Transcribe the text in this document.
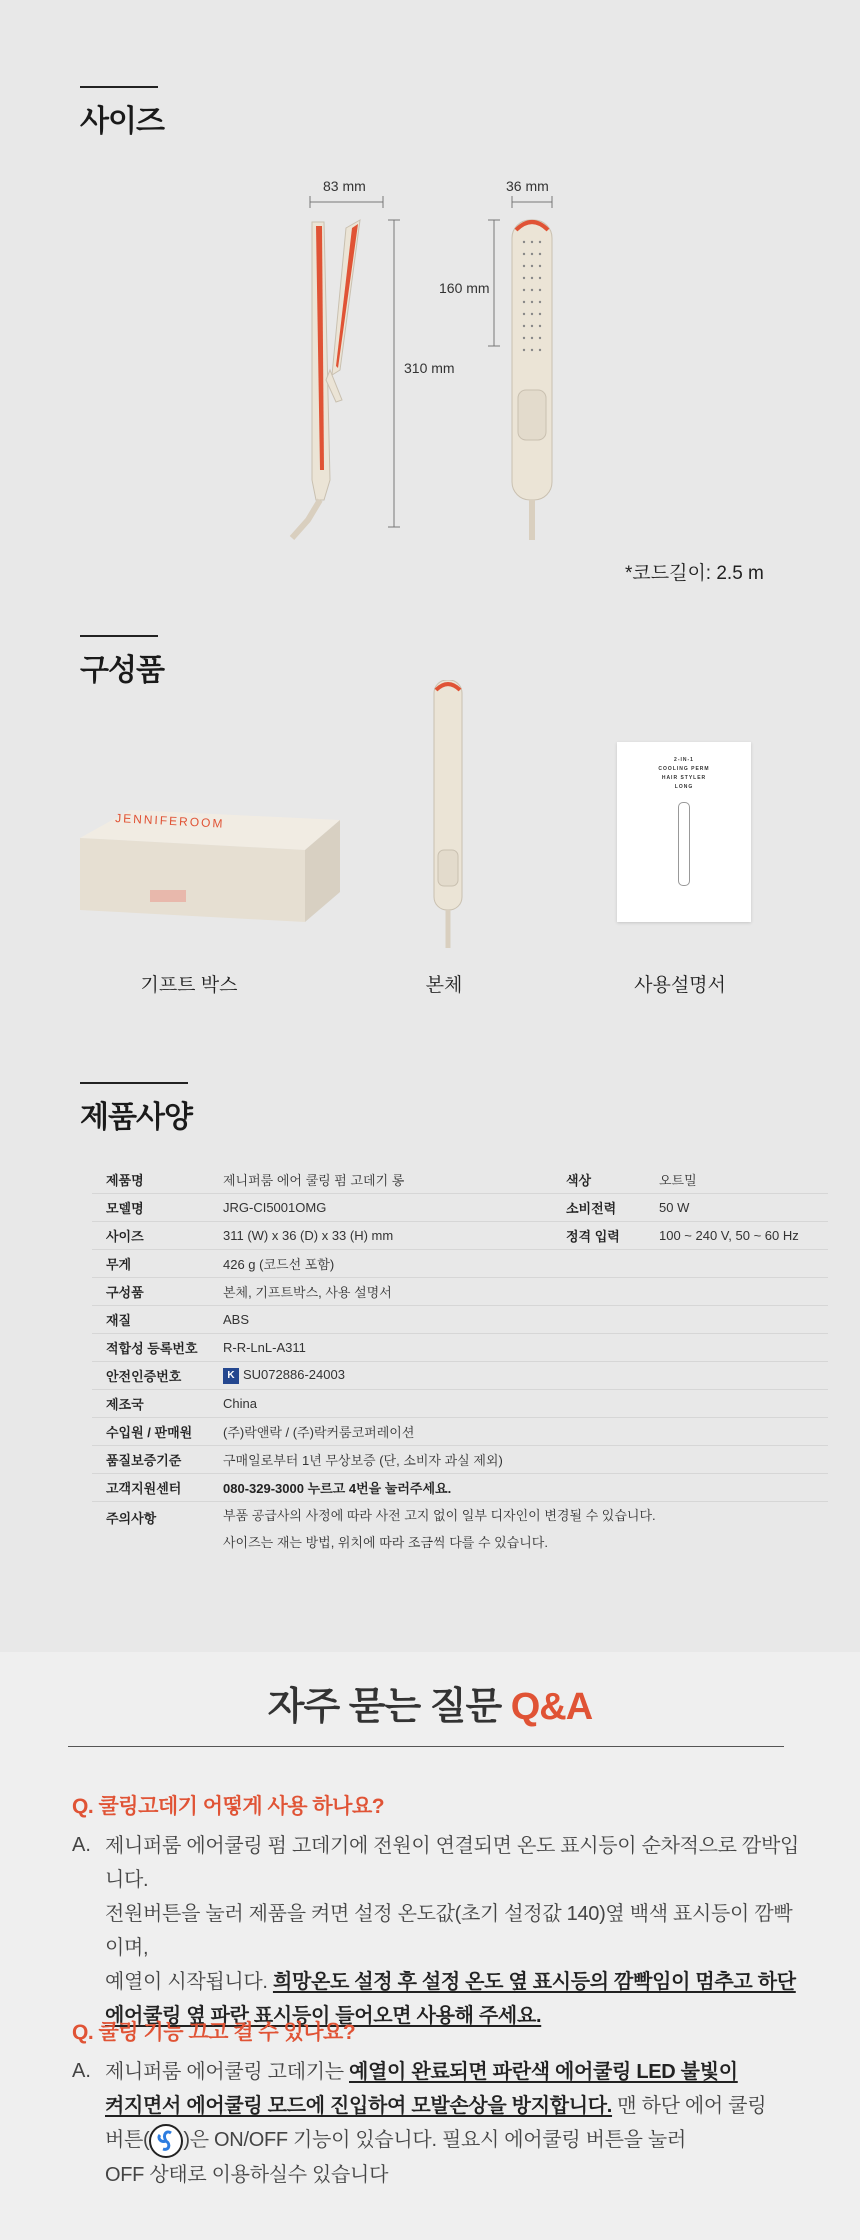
사이즈
83 mm	36 mm
160 mm
310 mm
*코드길이: 2.5 m
구성품
JENNIFEROOM
2-IN-1
COOLING PERM
HAIR STYLER
LONG
기프트 박스	본체	사용설명서
제품사양
제품명	제니퍼룸 에어 쿨링 펌 고데기 롱	색상	오트밀
모델명	JRG-CI5001OMG	소비전력	50 W
사이즈	311 (W) x 36 (D) x 33 (H) mm	정격 입력	100 ~ 240 V, 50 ~ 60 Hz
무게	426 g (코드선 포함)		
구성품	본체, 기프트박스, 사용 설명서		
재질	ABS		
적합성 등록번호	R-R-LnL-A311		
안전인증번호	K SU072886-24003		
제조국	China		
수입원 / 판매원	(주)락앤락 / (주)락커룸코퍼레이션		
품질보증기준	구매일로부터 1년 무상보증 (단, 소비자 과실 제외)		
고객지원센터	080-329-3000 누르고 4번을 눌러주세요.		
주의사항	부품 공급사의 사정에 따라 사전 고지 없이 일부 디자인이 변경될 수 있습니다.
사이즈는 재는 방법, 위치에 따라 조금씩 다를 수 있습니다.		
자주 묻는 질문 Q&A
Q. 쿨링고데기 어떻게 사용 하나요?
A. 제니퍼룸 에어쿨링 펌 고데기에 전원이 연결되면 온도 표시등이 순차적으로 깜박입니다.
전원버튼을 눌러 제품을 켜면 설정 온도값(초기 설정값 140)옆 백색 표시등이 깜빡이며,
예열이 시작됩니다. 희망온도 설정 후 설정 온도 옆 표시등의 깜빡임이 멈추고 하단
에어쿨링 옆 파란 표시등이 들어오면 사용해 주세요.
Q. 쿨링 기능 끄고 켤 수 있나요?
A. 제니퍼룸 에어쿨링 고데기는 예열이 완료되면 파란색 에어쿨링 LED 불빛이
켜지면서 에어쿨링 모드에 진입하여 모발손상을 방지합니다. 맨 하단 에어 쿨링
버튼( )은 ON/OFF 기능이 있습니다. 필요시 에어쿨링 버튼을 눌러
OFF 상태로 이용하실수 있습니다
